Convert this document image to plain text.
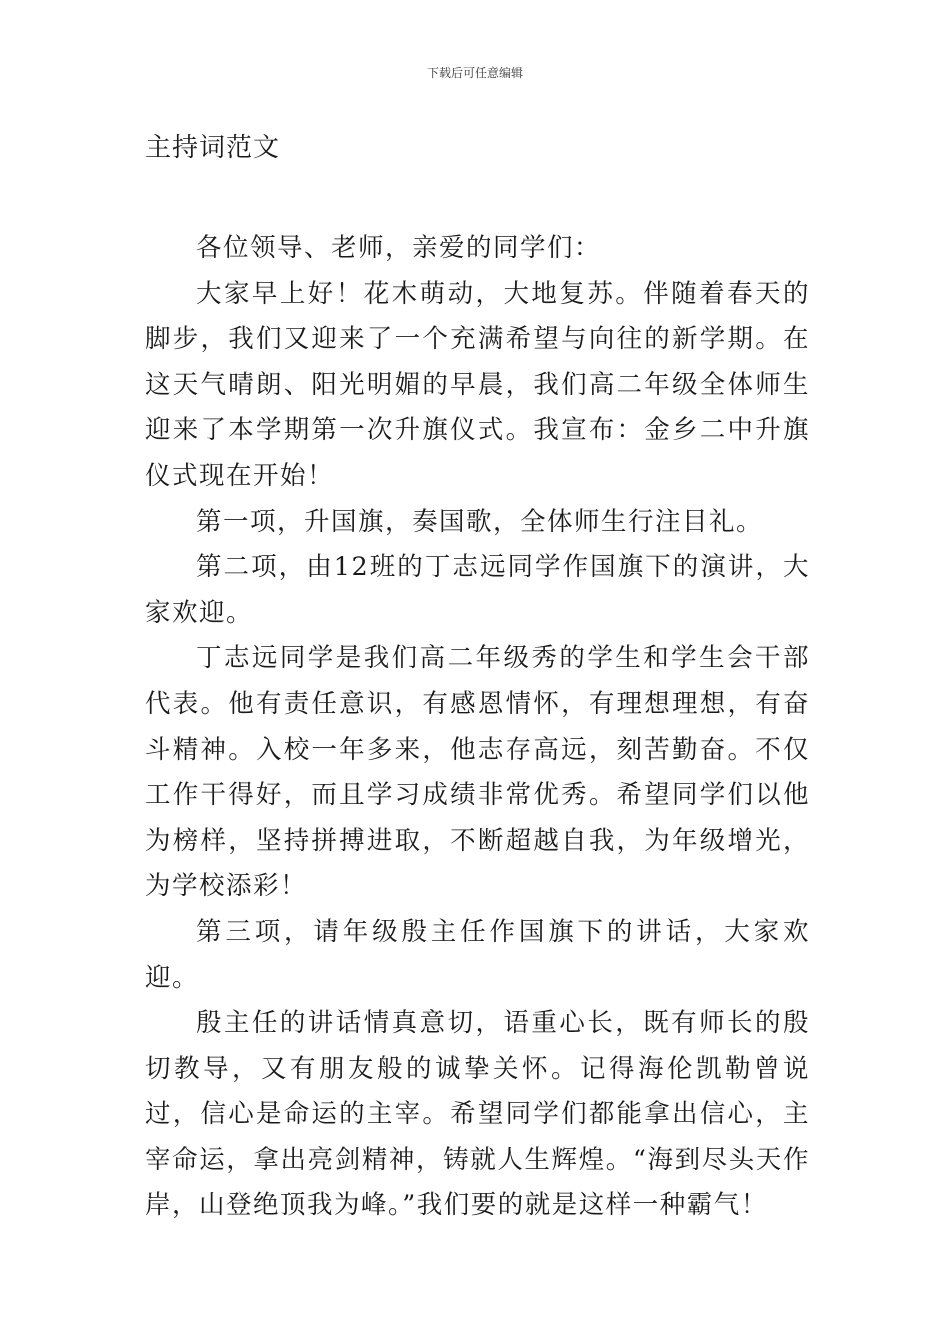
下载后可任意编辑
主持词范文

各位领导、老师，亲爱的同学们：

大家早上好！花木萌动，大地复苏。伴随着春天的脚步，我们又迎来了一个充满希望与向往的新学期。在这天气晴朗、阳光明媚的早晨，我们高二年级全体师生迎来了本学期第一次升旗仪式。我宣布：金乡二中升旗仪式现在开始！

第一项，升国旗，奏国歌，全体师生行注目礼。

第二项，由12班的丁志远同学作国旗下的演讲，大家欢迎。

丁志远同学是我们高二年级秀的学生和学生会干部代表。他有责任意识，有感恩情怀，有理想理想，有奋斗精神。入校一年多来，他志存高远，刻苦勤奋。不仅工作干得好，而且学习成绩非常优秀。希望同学们以他为榜样，坚持拼搏进取，不断超越自我，为年级增光，为学校添彩！

第三项，请年级殷主任作国旗下的讲话，大家欢迎。

殷主任的讲话情真意切，语重心长，既有师长的殷切教导，又有朋友般的诚挚关怀。记得海伦凯勒曾说过，信心是命运的主宰。希望同学们都能拿出信心，主宰命运，拿出亮剑精神，铸就人生辉煌。“海到尽头天作岸，山登绝顶我为峰。”我们要的就是这样一种霸气！
